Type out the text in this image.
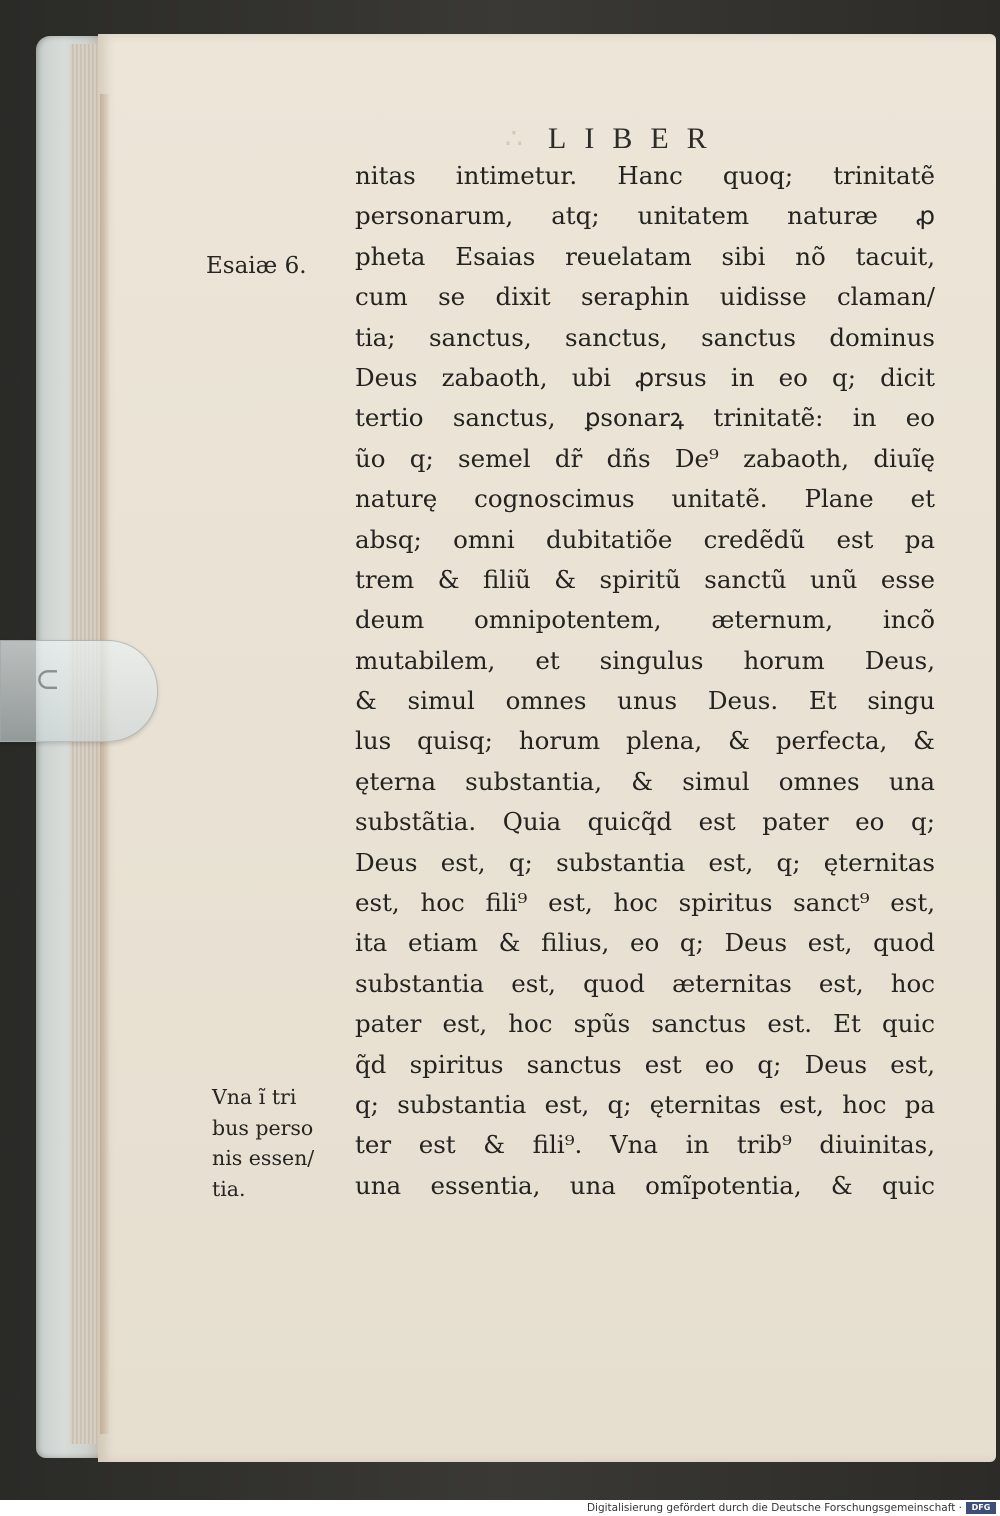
⊂
∴ LIBER
Esaiæ 6.
Vna ĩ tri
bus perso
nis essen/
tia.
nitas intimetur. Hanc quoq; trinitatẽ
personarum, atq; unitatem naturæ ꝓ
pheta Esaias reuelatam sibi nõ tacuit,
cum se dixit seraphin uidisse claman/
tia; sanctus, sanctus, sanctus dominus
Deus zabaoth, ubi ꝓrsus in eo q; dicit
tertio sanctus, ꝑsonarꝝ trinitatẽ: in eo
ũo q; semel dr̃ dñs De⁹ zabaoth, diuĩę
naturę cognoscimus unitatẽ. Plane et
absq; omni dubitatiõe credẽdũ est pa
trem & filiũ & spiritũ sanctũ unũ esse
deum omnipotentem, æternum, incõ
mutabilem, et singulus horum Deus,
& simul omnes unus Deus. Et singu
lus quisq; horum plena, & perfecta, &
ęterna substantia, & simul omnes una
substãtia. Quia quicq̃d est pater eo q;
Deus est, q; substantia est, q; ęternitas
est, hoc fili⁹ est, hoc spiritus sanct⁹ est,
ita etiam & filius, eo q; Deus est, quod
substantia est, quod æternitas est, hoc
pater est, hoc spũs sanctus est. Et quic
q̃d spiritus sanctus est eo q; Deus est,
q; substantia est, q; ęternitas est, hoc pa
ter est & fili⁹. Vna in trib⁹ diuinitas,
una essentia, una omĩpotentia, & quic
Digitalisierung gefördert durch die Deutsche Forschungsgemeinschaft ·	DFG
